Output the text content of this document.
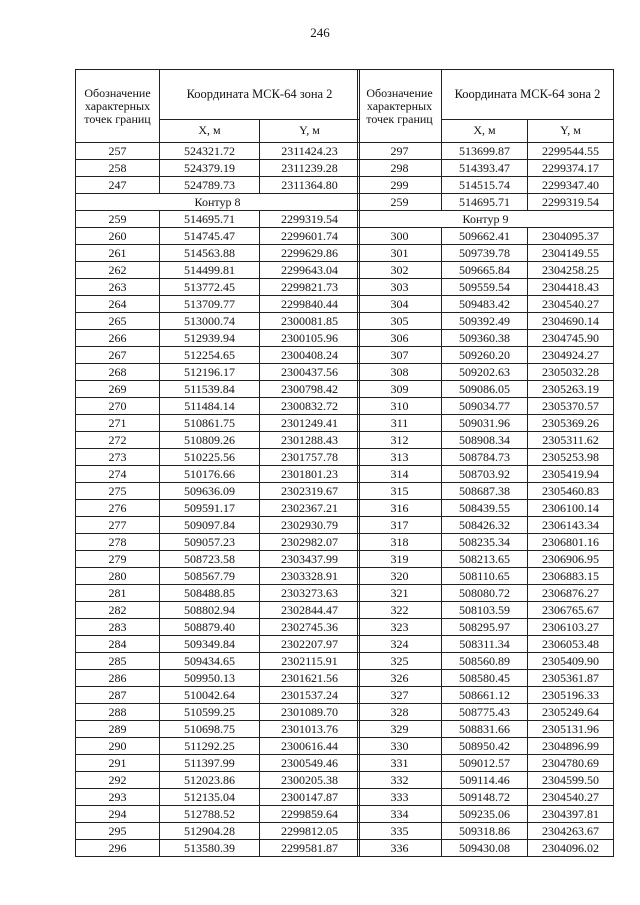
246
Обозначение характерных точек границ	Координата МСК-64 зона 2	
	X, м	Y, м
257	524321.72	2311424.23
258	524379.19	2311239.28
247	524789.73	2311364.80
Контур 8		
259	514695.71	2299319.54
260	514745.47	2299601.74
261	514563.88	2299629.86
262	514499.81	2299643.04
263	513772.45	2299821.73
264	513709.77	2299840.44
265	513000.74	2300081.85
266	512939.94	2300105.96
267	512254.65	2300408.24
268	512196.17	2300437.56
269	511539.84	2300798.42
270	511484.14	2300832.72
271	510861.75	2301249.41
272	510809.26	2301288.43
273	510225.56	2301757.78
274	510176.66	2301801.23
275	509636.09	2302319.67
276	509591.17	2302367.21
277	509097.84	2302930.79
278	509057.23	2302982.07
279	508723.58	2303437.99
280	508567.79	2303328.91
281	508488.85	2303273.63
282	508802.94	2302844.47
283	508879.40	2302745.36
284	509349.84	2302207.97
285	509434.65	2302115.91
286	509950.13	2301621.56
287	510042.64	2301537.24
288	510599.25	2301089.70
289	510698.75	2301013.76
290	511292.25	2300616.44
291	511397.99	2300549.46
292	512023.86	2300205.38
293	512135.04	2300147.87
294	512788.52	2299859.64
295	512904.28	2299812.05
296	513580.39	2299581.87
Обозначение характерных точек границ	Координата МСК-64 зона 2	
	X, м	Y, м
297	513699.87	2299544.55
298	514393.47	2299374.17
299	514515.74	2299347.40
259	514695.71	2299319.54
Контур 9		
300	509662.41	2304095.37
301	509739.78	2304149.55
302	509665.84	2304258.25
303	509559.54	2304418.43
304	509483.42	2304540.27
305	509392.49	2304690.14
306	509360.38	2304745.90
307	509260.20	2304924.27
308	509202.63	2305032.28
309	509086.05	2305263.19
310	509034.77	2305370.57
311	509031.96	2305369.26
312	508908.34	2305311.62
313	508784.73	2305253.98
314	508703.92	2305419.94
315	508687.38	2305460.83
316	508439.55	2306100.14
317	508426.32	2306143.34
318	508235.34	2306801.16
319	508213.65	2306906.95
320	508110.65	2306883.15
321	508080.72	2306876.27
322	508103.59	2306765.67
323	508295.97	2306103.27
324	508311.34	2306053.48
325	508560.89	2305409.90
326	508580.45	2305361.87
327	508661.12	2305196.33
328	508775.43	2305249.64
329	508831.66	2305131.96
330	508950.42	2304896.99
331	509012.57	2304780.69
332	509114.46	2304599.50
333	509148.72	2304540.27
334	509235.06	2304397.81
335	509318.86	2304263.67
336	509430.08	2304096.02
